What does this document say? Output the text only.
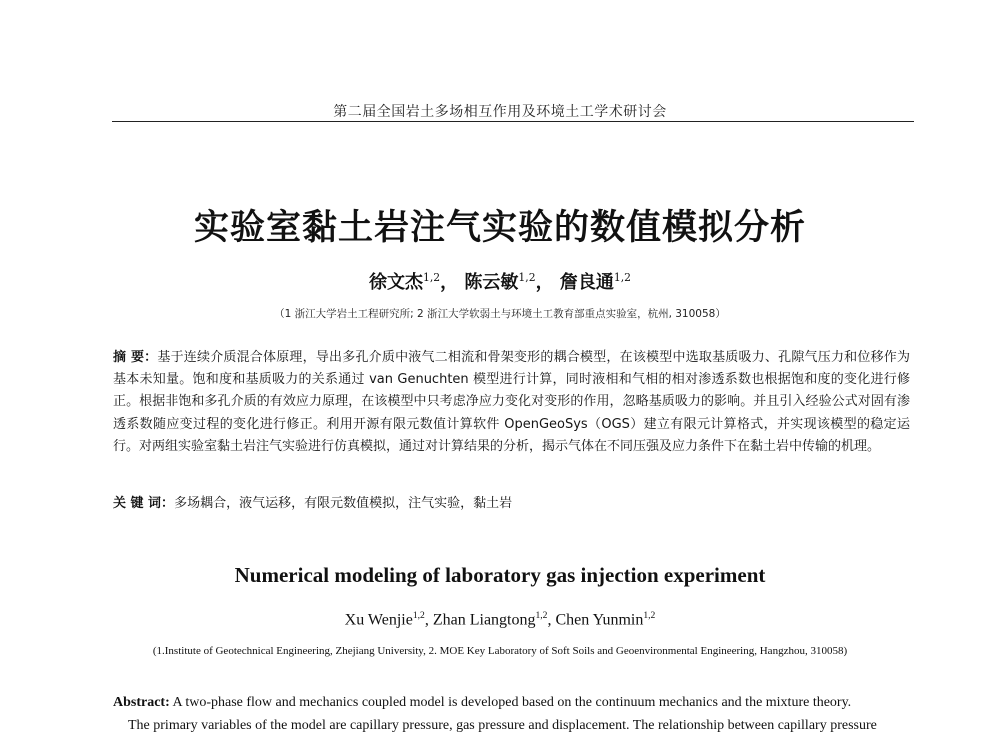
第二届全国岩土多场相互作用及环境土工学术研讨会
实验室黏土岩注气实验的数值模拟分析
徐文杰$^{1,2}$， 陈云敏$^{1,2}$， 詹良通$^{1,2}$
（1 浙江大学岩土工程研究所; 2 浙江大学软弱土与环境土工教育部重点实验室，杭州, 310058）
摘 要：基于连续介质混合体原理，导出多孔介质中液气二相流和骨架变形的耦合模型，在该模型中选取基质吸力、孔隙气压力和位移作为基本未知量。饱和度和基质吸力的关系通过 van Genuchten 模型进行计算，同时液相和气相的相对渗透系数也根据饱和度的变化进行修正。根据非饱和多孔介质的有效应力原理，在该模型中只考虑净应力变化对变形的作用，忽略基质吸力的影响。并且引入经验公式对固有渗透系数随应变过程的变化进行修正。利用开源有限元数值计算软件 OpenGeoSys（OGS）建立有限元计算格式，并实现该模型的稳定运行。对两组实验室黏土岩注气实验进行仿真模拟，通过对计算结果的分析，揭示气体在不同压强及应力条件下在黏土岩中传输的机理。
关 键 词：多场耦合，液气运移，有限元数值模拟，注气实验，黏土岩
Numerical modeling of laboratory gas injection experiment
Xu Wenjie$^{1,2}$, Zhan Liangtong$^{1,2}$, Chen Yunmin$^{1,2}$
(1.Institute of Geotechnical Engineering, Zhejiang University, 2. MOE Key Laboratory of Soft Soils and Geoenvironmental Engineering, Hangzhou, 310058)
Abstract: A two-phase flow and mechanics coupled model is developed based on the continuum mechanics and the mixture theory.
The primary variables of the model are capillary pressure, gas pressure and displacement. The relationship between capillary pressure
